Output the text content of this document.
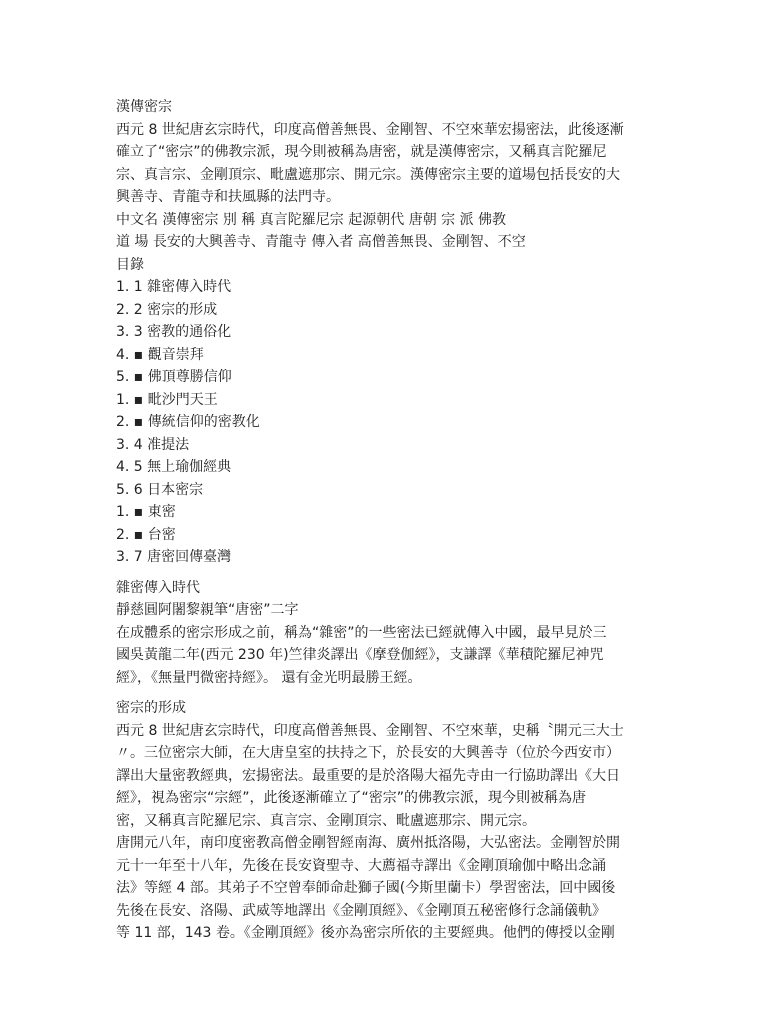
漢傳密宗
西元 8 世紀唐玄宗時代，印度高僧善無畏、金剛智、不空來華宏揚密法，此後逐漸
確立了“密宗”的佛教宗派，現今則被稱為唐密，就是漢傳密宗，又稱真言陀羅尼
宗、真言宗、金剛頂宗、毗盧遮那宗、開元宗。漢傳密宗主要的道場包括長安的大
興善寺、青龍寺和扶風縣的法門寺。
中文名 漢傳密宗 別 稱 真言陀羅尼宗 起源朝代 唐朝 宗 派 佛教
道 場 長安的大興善寺、青龍寺 傳入者 高僧善無畏、金剛智、不空
目錄
1. 1 雜密傳入時代
2. 2 密宗的形成
3. 3 密教的通俗化
4. ▪ 觀音崇拜
5. ▪ 佛頂尊勝信仰
1. ▪ 毗沙門天王
2. ▪ 傳統信仰的密教化
3. 4 准提法
4. 5 無上瑜伽經典
5. 6 日本密宗
1. ▪ 東密
2. ▪ 台密
3. 7 唐密回傳臺灣
雜密傳入時代
靜慈圓阿闍黎親筆“唐密”二字
在成體系的密宗形成之前，稱為“雜密”的一些密法已經就傳入中國，最早見於三
國吳黃龍二年(西元 230 年)竺律炎譯出《摩登伽經》，支謙譯《華積陀羅尼神咒
經》，《無量門微密持經》。 還有金光明最勝王經。
密宗的形成
西元 8 世紀唐玄宗時代，印度高僧善無畏、金剛智、不空來華，史稱〝開元三大士
〃。三位密宗大師，在大唐皇室的扶持之下，於長安的大興善寺（位於今西安市）
譯出大量密教經典，宏揚密法。最重要的是於洛陽大福先寺由一行協助譯出《大日
經》，視為密宗“宗經”，此後逐漸確立了“密宗”的佛教宗派，現今則被稱為唐
密，又稱真言陀羅尼宗、真言宗、金剛頂宗、毗盧遮那宗、開元宗。
唐開元八年，南印度密教高僧金剛智經南海、廣州抵洛陽，大弘密法。金剛智於開
元十一年至十八年，先後在長安資聖寺、大薦福寺譯出《金剛頂瑜伽中略出念誦
法》等經 4 部。其弟子不空曾奉師命赴獅子國(今斯里蘭卡）學習密法，回中國後
先後在長安、洛陽、武威等地譯出《金剛頂經》、《金剛頂五秘密修行念誦儀軌》
等 11 部，143 卷。《金剛頂經》後亦為密宗所依的主要經典。他們的傳授以金剛
